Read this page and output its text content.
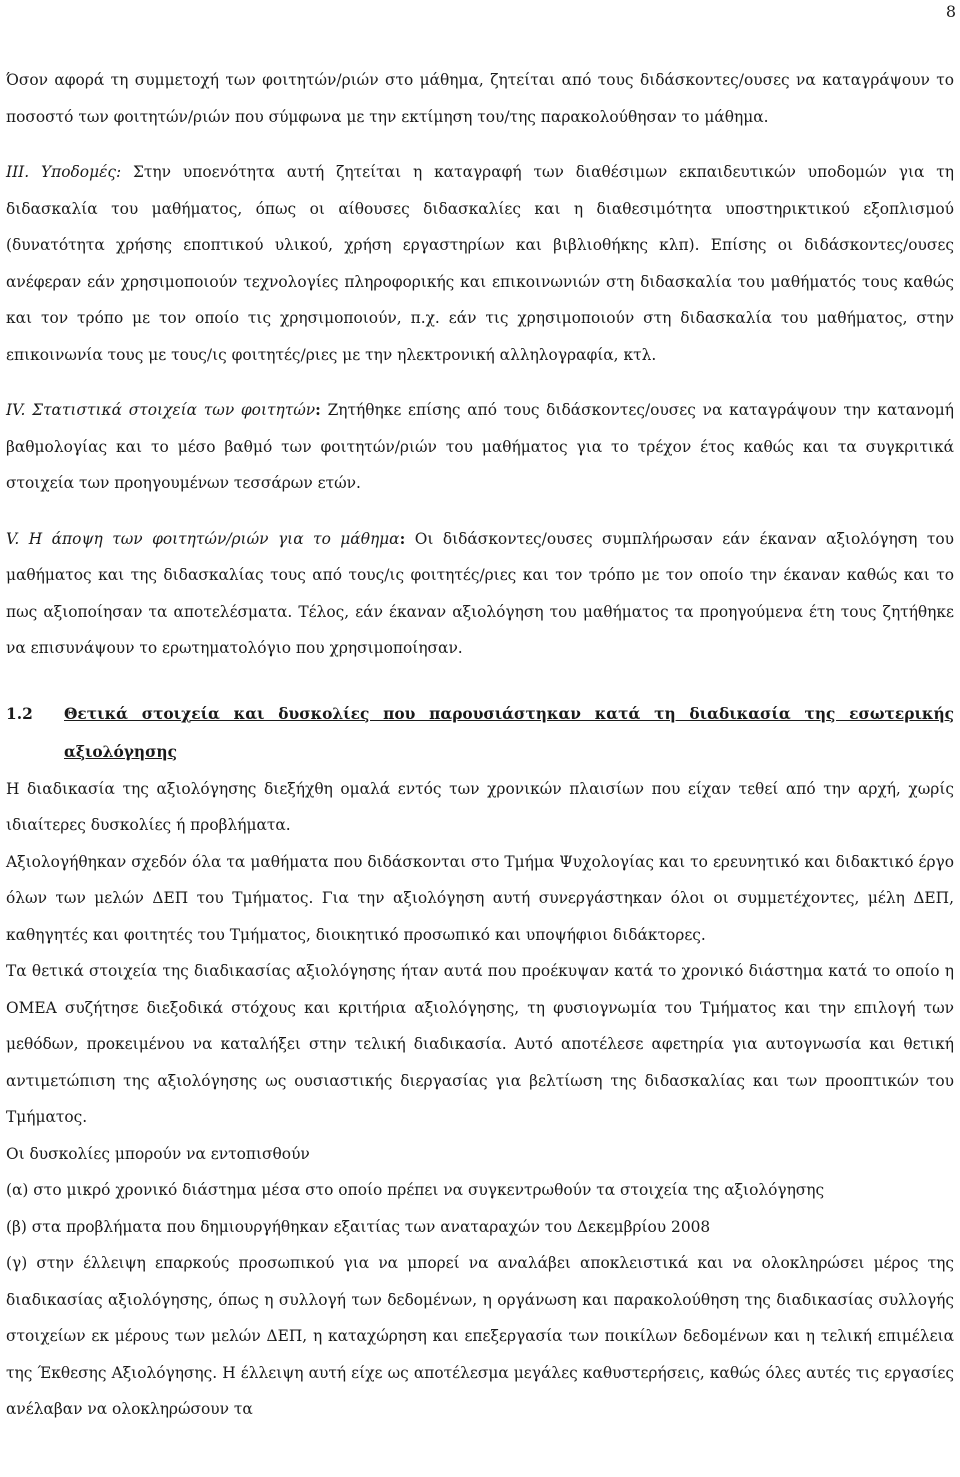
8

Όσον αφορά τη συμμετοχή των φοιτητών/ριών στο μάθημα, ζητείται από τους διδάσκοντες/ουσες να καταγράψουν το ποσοστό των φοιτητών/ριών που σύμφωνα με την εκτίμηση του/της παρακολούθησαν το μάθημα.

III. Υποδομές: Στην υποενότητα αυτή ζητείται η καταγραφή των διαθέσιμων εκπαιδευτικών υποδομών για τη διδασκαλία του μαθήματος, όπως οι αίθουσες διδασκαλίες και η διαθεσιμότητα υποστηρικτικού εξοπλισμού (δυνατότητα χρήσης εποπτικού υλικού, χρήση εργαστηρίων και βιβλιοθήκης κλπ). Επίσης οι διδάσκοντες/ουσες ανέφεραν εάν χρησιμοποιούν τεχνολογίες πληροφορικής και επικοινωνιών στη διδασκαλία του μαθήματός τους καθώς και τον τρόπο με τον οποίο τις χρησιμοποιούν, π.χ. εάν τις χρησιμοποιούν στη διδασκαλία του μαθήματος, στην επικοινωνία τους με τους/ις φοιτητές/ριες με την ηλεκτρονική αλληλογραφία, κτλ.

IV. Στατιστικά στοιχεία των φοιτητών: Ζητήθηκε επίσης από τους διδάσκοντες/ουσες να καταγράψουν την κατανομή βαθμολογίας και το μέσο βαθμό των φοιτητών/ριών του μαθήματος για το τρέχον έτος καθώς και τα συγκριτικά στοιχεία των προηγουμένων τεσσάρων ετών.

V. Η άποψη των φοιτητών/ριών για το μάθημα: Οι διδάσκοντες/ουσες συμπλήρωσαν εάν έκαναν αξιολόγηση του μαθήματος και της διδασκαλίας τους από τους/ις φοιτητές/ριες και τον τρόπο με τον οποίο την έκαναν καθώς και το πως αξιοποίησαν τα αποτελέσματα. Τέλος, εάν έκαναν αξιολόγηση του μαθήματος τα προηγούμενα έτη τους ζητήθηκε να επισυνάψουν το ερωτηματολόγιο που χρησιμοποίησαν.

1.2	Θετικά στοιχεία και δυσκολίες που παρουσιάστηκαν κατά τη διαδικασία της εσωτερικής αξιολόγησης

Η διαδικασία της αξιολόγησης διεξήχθη ομαλά εντός των χρονικών πλαισίων που είχαν τεθεί από την αρχή, χωρίς ιδιαίτερες δυσκολίες ή προβλήματα.

Αξιολογήθηκαν σχεδόν όλα τα μαθήματα που διδάσκονται στο Τμήμα Ψυχολογίας και το ερευνητικό και διδακτικό έργο όλων των μελών ΔΕΠ του Τμήματος. Για την αξιολόγηση αυτή συνεργάστηκαν όλοι οι συμμετέχοντες, μέλη ΔΕΠ, καθηγητές και φοιτητές του Τμήματος, διοικητικό προσωπικό και υποψήφιοι διδάκτορες.

Τα θετικά στοιχεία της διαδικασίας αξιολόγησης ήταν αυτά που προέκυψαν κατά το χρονικό διάστημα κατά το οποίο η ΟΜΕΑ συζήτησε διεξοδικά στόχους και κριτήρια αξιολόγησης, τη φυσιογνωμία του Τμήματος και την επιλογή των μεθόδων, προκειμένου να καταλήξει στην τελική διαδικασία. Αυτό αποτέλεσε αφετηρία για αυτογνωσία και θετική αντιμετώπιση της αξιολόγησης ως ουσιαστικής διεργασίας για βελτίωση της διδασκαλίας και των προοπτικών του Τμήματος.

Οι δυσκολίες μπορούν να εντοπισθούν

(α) στο μικρό χρονικό διάστημα μέσα στο οποίο πρέπει να συγκεντρωθούν τα στοιχεία της αξιολόγησης

(β) στα προβλήματα που δημιουργήθηκαν εξαιτίας των αναταραχών του Δεκεμβρίου 2008

(γ) στην έλλειψη επαρκούς προσωπικού για να μπορεί να αναλάβει αποκλειστικά και να ολοκληρώσει μέρος της διαδικασίας αξιολόγησης, όπως η συλλογή των δεδομένων, η οργάνωση και παρακολούθηση της διαδικασίας συλλογής στοιχείων εκ μέρους των μελών ΔΕΠ, η καταχώρηση και επεξεργασία των ποικίλων δεδομένων και η τελική επιμέλεια της Έκθεσης Αξιολόγησης. Η έλλειψη αυτή είχε ως αποτέλεσμα μεγάλες καθυστερήσεις, καθώς όλες αυτές τις εργασίες ανέλαβαν να ολοκληρώσουν τα
